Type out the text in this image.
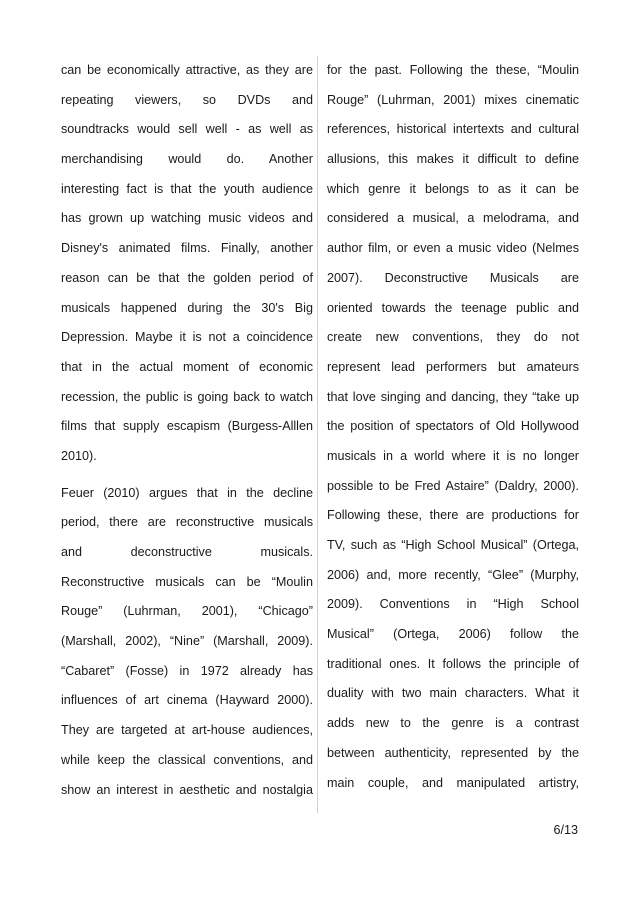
can be economically attractive, as they are
repeating viewers, so DVDs and
soundtracks would sell well - as well as
merchandising would do. Another
interesting fact is that the youth audience
has grown up watching music videos and
Disney's animated films. Finally, another
reason can be that the golden period of
musicals happened during the 30's Big
Depression. Maybe it is not a coincidence
that in the actual moment of economic
recession, the public is going back to watch
films that supply escapism (Burgess-Alllen
2010).
Feuer (2010) argues that in the decline
period, there are reconstructive musicals
and deconstructive musicals.
Reconstructive musicals can be “Moulin
Rouge” (Luhrman, 2001), “Chicago”
(Marshall, 2002), “Nine” (Marshall, 2009).
“Cabaret” (Fosse) in 1972 already has
influences of art cinema (Hayward 2000).
They are targeted at art-house audiences,
while keep the classical conventions, and
show an interest in aesthetic and nostalgia
for the past. Following the these, “Moulin
Rouge” (Luhrman, 2001) mixes cinematic
references, historical intertexts and cultural
allusions, this makes it difficult to define
which genre it belongs to as it can be
considered a musical, a melodrama, and
author film, or even a music video (Nelmes
2007). Deconstructive Musicals are
oriented towards the teenage public and
create new conventions, they do not
represent lead performers but amateurs
that love singing and dancing, they “take up
the position of spectators of Old Hollywood
musicals in a world where it is no longer
possible to be Fred Astaire” (Daldry, 2000).
Following these, there are productions for
TV, such as “High School Musical” (Ortega,
2006) and, more recently, “Glee” (Murphy,
2009). Conventions in “High School
Musical” (Ortega, 2006) follow the
traditional ones. It follows the principle of
duality with two main characters. What it
adds new to the genre is a contrast
between authenticity, represented by the
main couple, and manipulated artistry,
6/13
